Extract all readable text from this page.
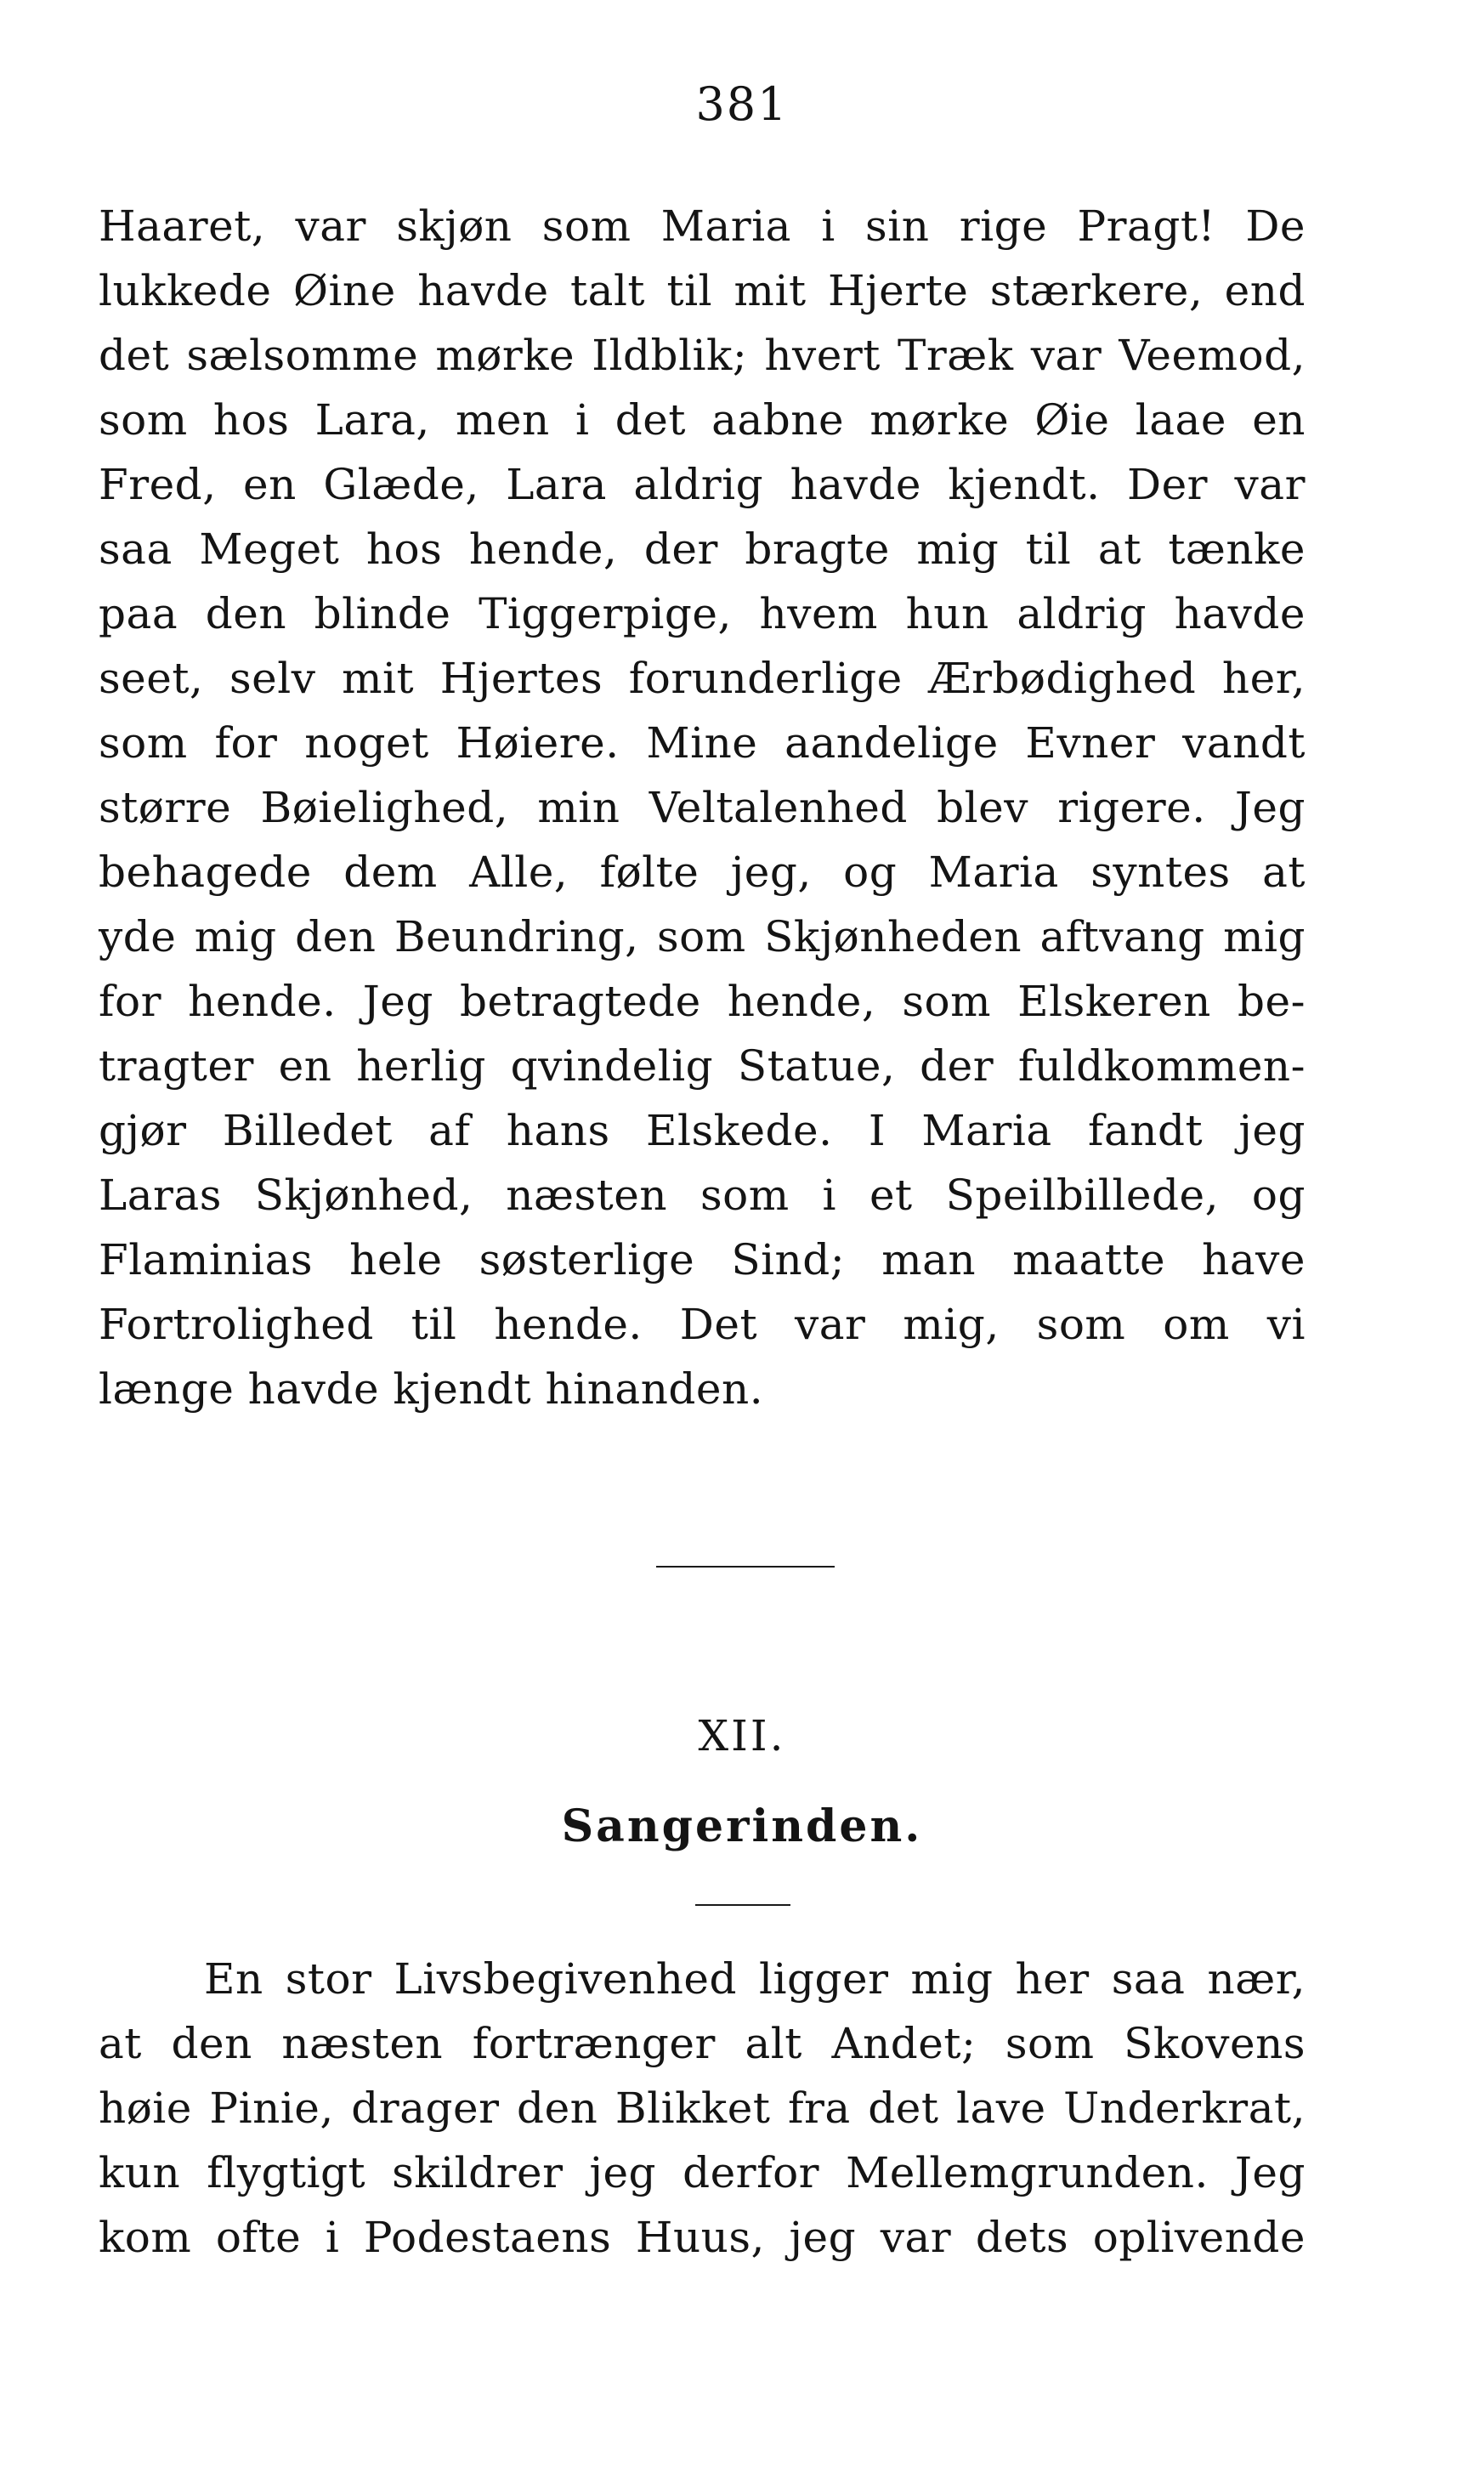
381
Haaret, var skjøn som Maria i sin rige Pragt! De
lukkede Øine havde talt til mit Hjerte stærkere, end
det sælsomme mørke Ildblik; hvert Træk var Veemod,
som hos Lara, men i det aabne mørke Øie laae en
Fred, en Glæde, Lara aldrig havde kjendt. Der var
saa Meget hos hende, der bragte mig til at tænke
paa den blinde Tiggerpige, hvem hun aldrig havde
seet, selv mit Hjertes forunderlige Ærbødighed her,
som for noget Høiere. Mine aandelige Evner vandt
større Bøielighed, min Veltalenhed blev rigere. Jeg
behagede dem Alle, følte jeg, og Maria syntes at
yde mig den Beundring, som Skjønheden aftvang mig
for hende. Jeg betragtede hende, som Elskeren be-
tragter en herlig qvindelig Statue, der fuldkommen-
gjør Billedet af hans Elskede. I Maria fandt jeg
Laras Skjønhed, næsten som i et Speilbillede, og
Flaminias hele søsterlige Sind; man maatte have
Fortrolighed til hende. Det var mig, som om vi
længe havde kjendt hinanden.
XII.
Sangerinden.
En stor Livsbegivenhed ligger mig her saa nær,
at den næsten fortrænger alt Andet; som Skovens
høie Pinie, drager den Blikket fra det lave Underkrat,
kun flygtigt skildrer jeg derfor Mellemgrunden. Jeg
kom ofte i Podestaens Huus, jeg var dets oplivende
